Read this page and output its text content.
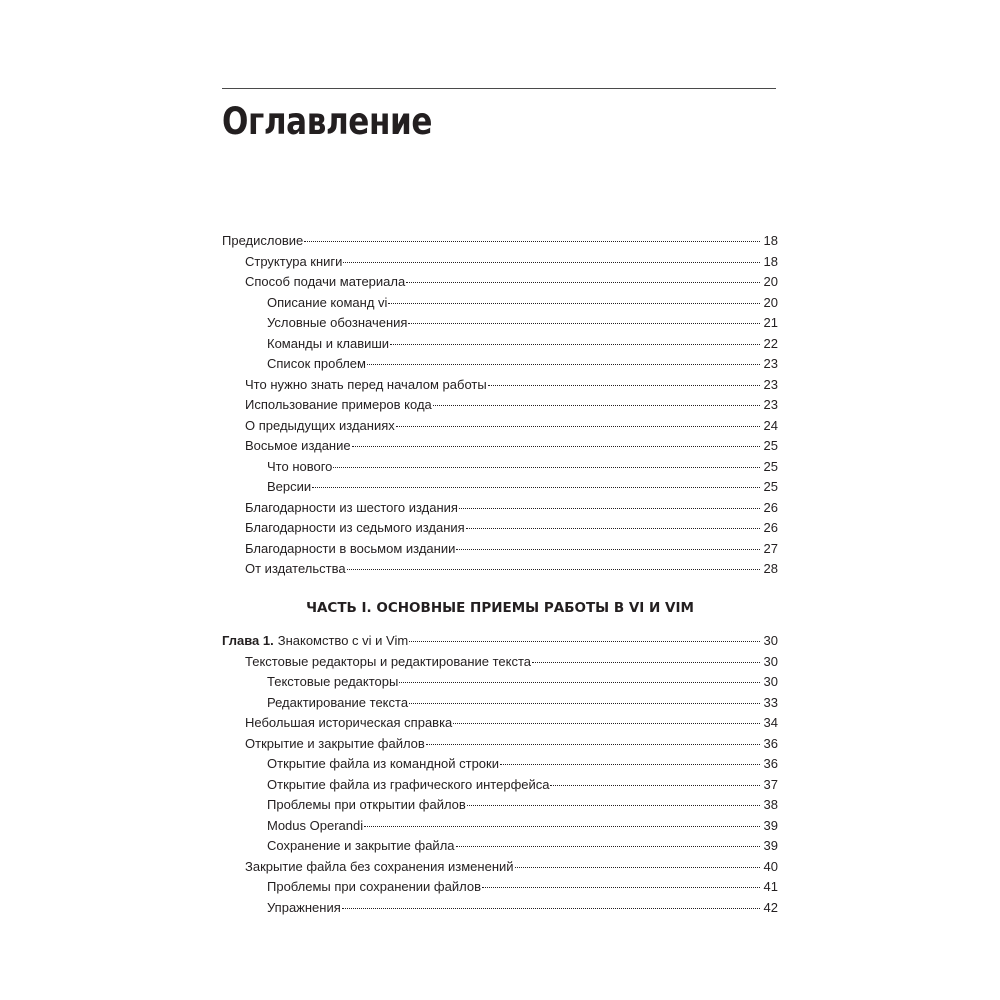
Оглавление
Предисловие	18
Структура книги	18
Способ подачи материала	20
Описание команд vi	20
Условные обозначения	21
Команды и клавиши	22
Список проблем	23
Что нужно знать перед началом работы	23
Использование примеров кода	23
О предыдущих изданиях	24
Восьмое издание	25
Что нового	25
Версии	25
Благодарности из шестого издания	26
Благодарности из седьмого издания	26
Благодарности в восьмом издании	27
От издательства	28
ЧАСТЬ I. ОСНОВНЫЕ ПРИЕМЫ РАБОТЫ В VI И VIM
Глава 1. Знакомство с vi и Vim	30
Текстовые редакторы и редактирование текста	30
Текстовые редакторы	30
Редактирование текста	33
Небольшая историческая справка	34
Открытие и закрытие файлов	36
Открытие файла из командной строки	36
Открытие файла из графического интерфейса	37
Проблемы при открытии файлов	38
Modus Operandi	39
Сохранение и закрытие файла	39
Закрытие файла без сохранения изменений	40
Проблемы при сохранении файлов	41
Упражнения	42
